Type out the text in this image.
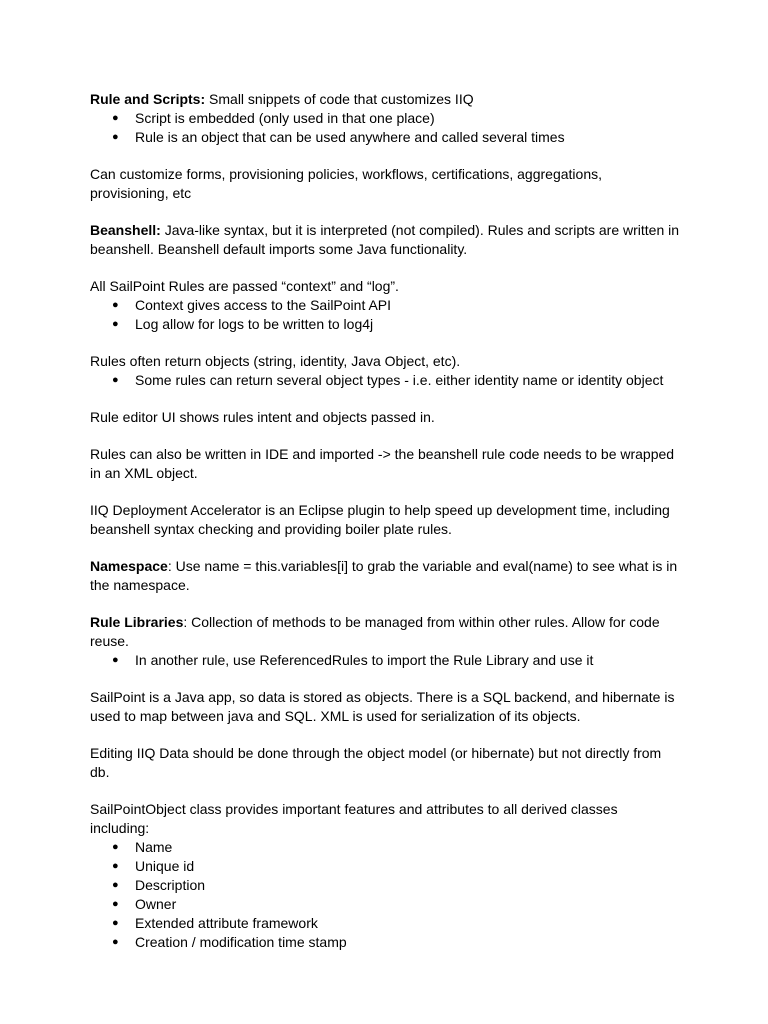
Rule and Scripts: Small snippets of code that customizes IIQ

● Script is embedded (only used in that one place)
● Rule is an object that can be used anywhere and called several times

Can customize forms, provisioning policies, workflows, certifications, aggregations, provisioning, etc

Beanshell: Java-like syntax, but it is interpreted (not compiled). Rules and scripts are written in beanshell. Beanshell default imports some Java functionality.

All SailPoint Rules are passed “context” and “log”.

● Context gives access to the SailPoint API
● Log allow for logs to be written to log4j

Rules often return objects (string, identity, Java Object, etc).

● Some rules can return several object types - i.e. either identity name or identity object

Rule editor UI shows rules intent and objects passed in.

Rules can also be written in IDE and imported -> the beanshell rule code needs to be wrapped in an XML object.

IIQ Deployment Accelerator is an Eclipse plugin to help speed up development time, including beanshell syntax checking and providing boiler plate rules.

Namespace: Use name = this.variables[i] to grab the variable and eval(name) to see what is in the namespace.

Rule Libraries: Collection of methods to be managed from within other rules. Allow for code reuse.

● In another rule, use ReferencedRules to import the Rule Library and use it

SailPoint is a Java app, so data is stored as objects. There is a SQL backend, and hibernate is used to map between java and SQL. XML is used for serialization of its objects.

Editing IIQ Data should be done through the object model (or hibernate) but not directly from db.

SailPointObject class provides important features and attributes to all derived classes including:

● Name
● Unique id
● Description
● Owner
● Extended attribute framework
● Creation / modification time stamp
